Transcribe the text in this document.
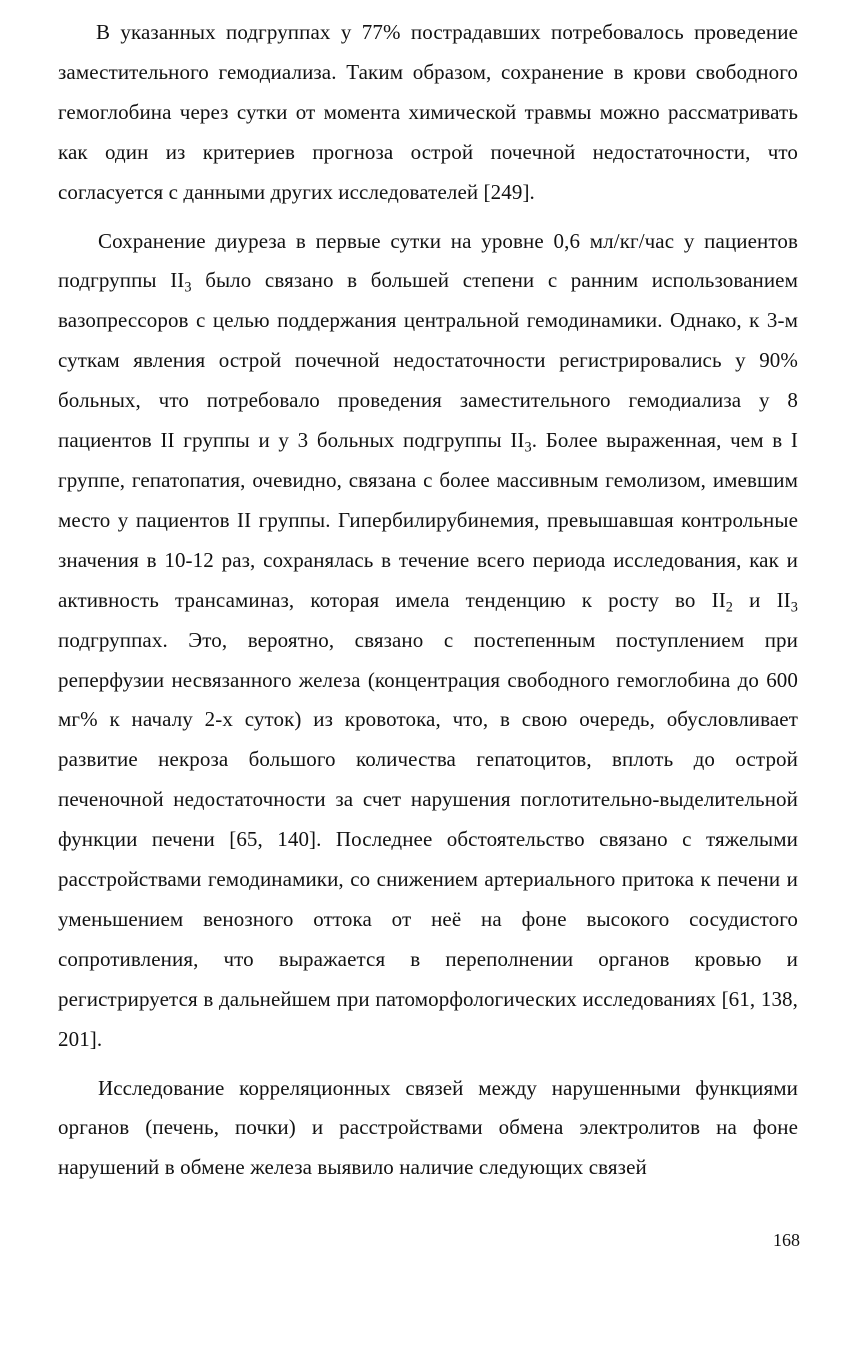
В указанных подгруппах у 77% пострадавших потребовалось проведение заместительного гемодиализа. Таким образом, сохранение в крови свободного гемоглобина через сутки от момента химической травмы можно рассматривать как один из критериев прогноза острой почечной недостаточности, что согласуется с данными других исследователей [249].

Сохранение диуреза в первые сутки на уровне 0,6 мл/кг/час у пациентов подгруппы $II_3$ было связано в большей степени с ранним использованием вазопрессоров с целью поддержания центральной гемодинамики. Однако, к 3-м суткам явления острой почечной недостаточности регистрировались у 90% больных, что потребовало проведения заместительного гемодиализа у 8 пациентов II группы и у 3 больных подгруппы $II_3$. Более выраженная, чем в I группе, гепатопатия, очевидно, связана с более массивным гемолизом, имевшим место у пациентов II группы. Гипербилирубинемия, превышавшая контрольные значения в 10-12 раз, сохранялась в течение всего периода исследования, как и активность трансаминаз, которая имела тенденцию к росту во $II_2$ и $II_3$ подгруппах. Это, вероятно, связано с постепенным поступлением при реперфузии несвязанного железа (концентрация свободного гемоглобина до 600 мг% к началу 2-х суток) из кровотока, что, в свою очередь, обусловливает развитие некроза большого количества гепатоцитов, вплоть до острой печеночной недостаточности за счет нарушения поглотительно-выделительной функции печени [65, 140]. Последнее обстоятельство связано с тяжелыми расстройствами гемодинамики, со снижением артериального притока к печени и уменьшением венозного оттока от неё на фоне высокого сосудистого сопротивления, что выражается в переполнении органов кровью и регистрируется в дальнейшем при патоморфологических исследованиях [61, 138, 201].

Исследование корреляционных связей между нарушенными функциями органов (печень, почки) и расстройствами обмена электролитов на фоне нарушений в обмене железа выявило наличие следующих связей

168
